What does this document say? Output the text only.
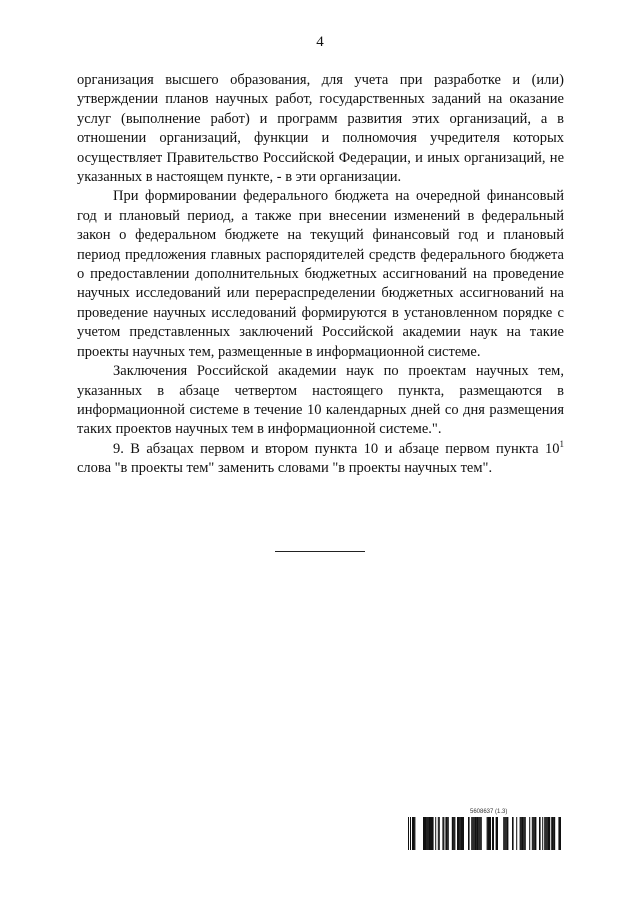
4

организация высшего образования, для учета при разработке и (или) утверждении планов научных работ, государственных заданий на оказание услуг (выполнение работ) и программ развития этих организаций, а в отношении организаций, функции и полномочия учредителя которых осуществляет Правительство Российской Федерации, и иных организаций, не указанных в настоящем пункте, - в эти организации.

При формировании федерального бюджета на очередной финансовый год и плановый период, а также при внесении изменений в федеральный закон о федеральном бюджете на текущий финансовый год и плановый период предложения главных распорядителей средств федерального бюджета о предоставлении дополнительных бюджетных ассигнований на проведение научных исследований или перераспределении бюджетных ассигнований на проведение научных исследований формируются в установленном порядке с учетом представленных заключений Российской академии наук на такие проекты научных тем, размещенные в информационной системе.

Заключения Российской академии наук по проектам научных тем, указанных в абзаце четвертом настоящего пункта, размещаются в информационной системе в течение 10 календарных дней со дня размещения таких проектов научных тем в информационной системе.".

9. В абзацах первом и втором пункта 10 и абзаце первом пункта $10^1$ слова "в проекты тем" заменить словами "в проекты научных тем".

5608637 (1.3)
